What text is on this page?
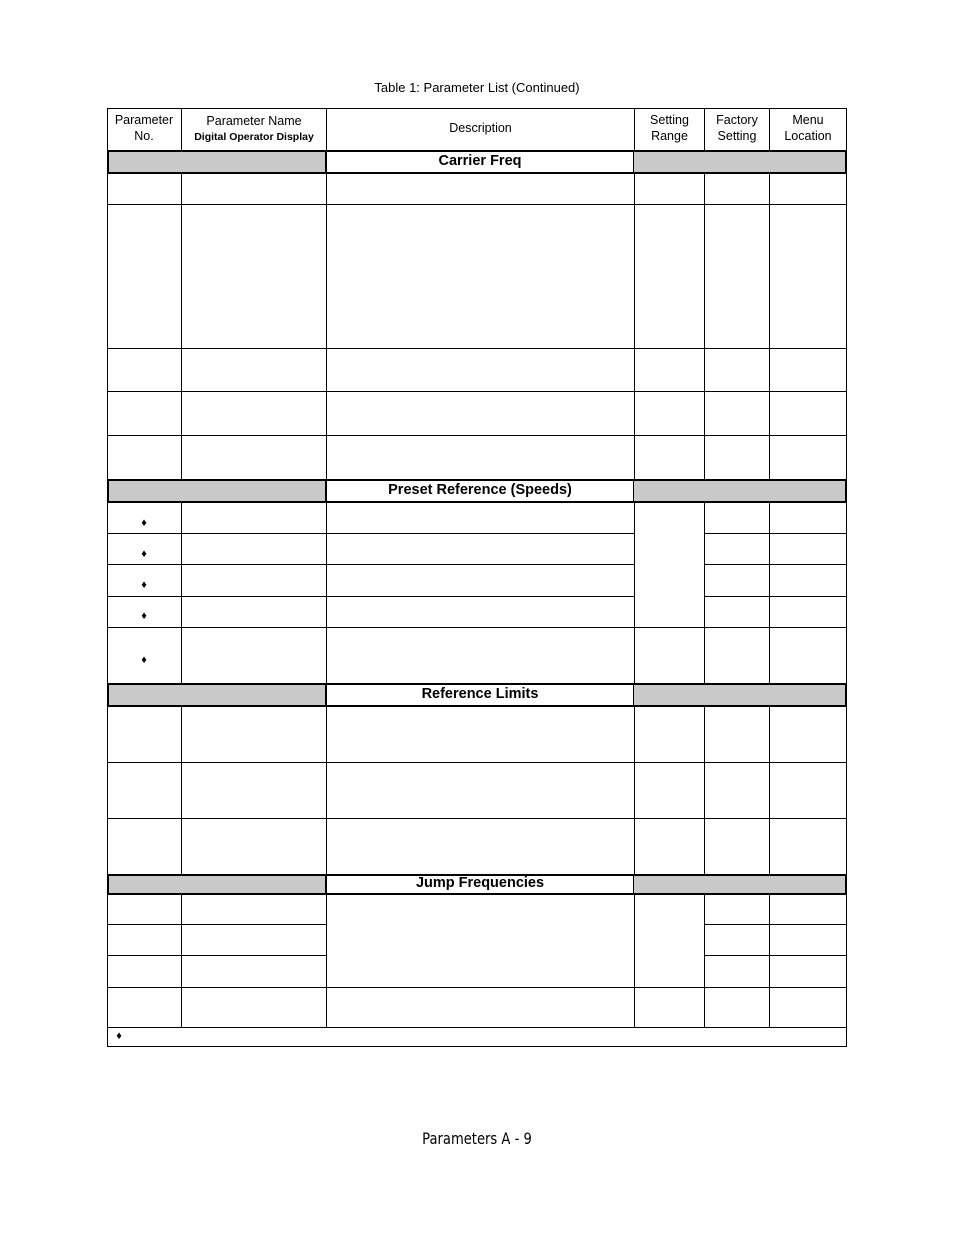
Table 1: Parameter List (Continued)
Parameter
No.
Parameter Name
Digital Operator Display
Description
Setting
Range
Factory
Setting
Menu
Location
Carrier Freq
Preset Reference (Speeds)
Reference Limits
Jump Frequencies
♦
♦
♦
♦
♦
♦
Parameters A - 9
